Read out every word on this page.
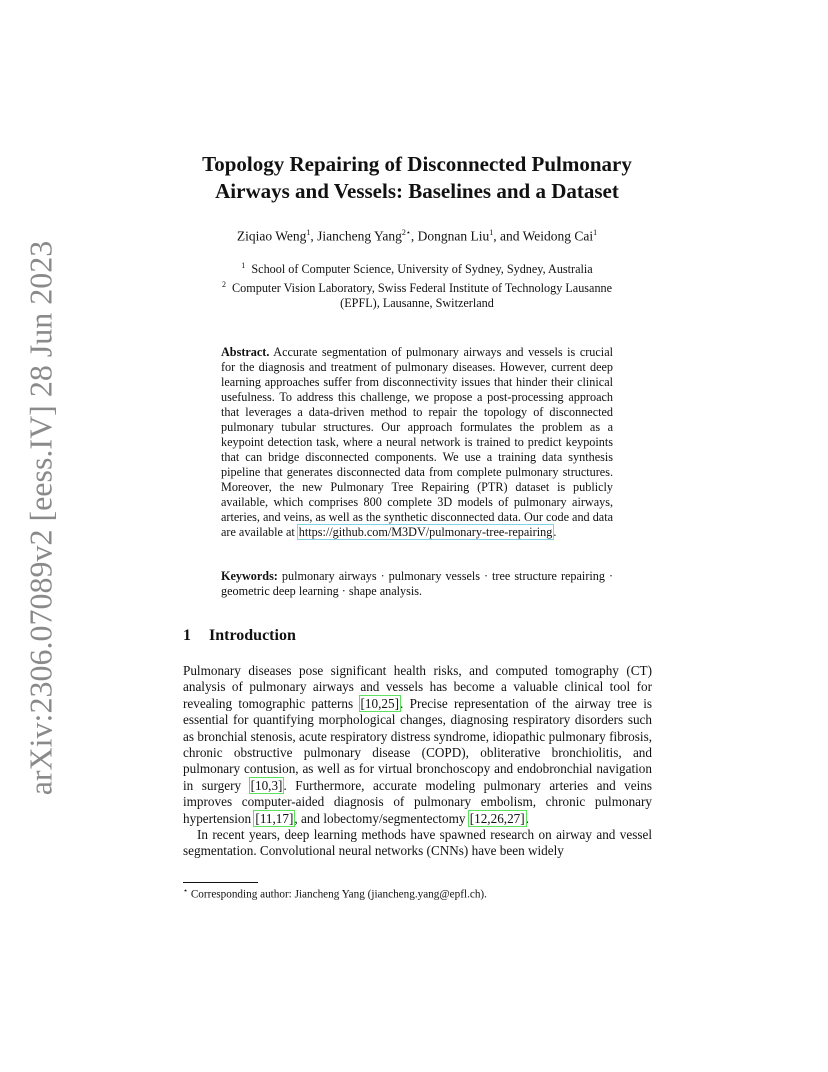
arXiv:2306.07089v2 [eess.IV] 28 Jun 2023
Topology Repairing of Disconnected Pulmonary
Airways and Vessels: Baselines and a Dataset
Ziqiao Weng$^1$, Jiancheng Yang$^{2⋆}$, Dongnan Liu$^1$, and Weidong Cai$^1$
$^1$ School of Computer Science, University of Sydney, Sydney, Australia
$^2$ Computer Vision Laboratory, Swiss Federal Institute of Technology Lausanne
(EPFL), Lausanne, Switzerland
Abstract. Accurate segmentation of pulmonary airways and vessels is crucial for the diagnosis and treatment of pulmonary diseases. However, current deep learning approaches suffer from disconnectivity issues that hinder their clinical usefulness. To address this challenge, we propose a post-processing approach that leverages a data-driven method to repair the topology of disconnected pulmonary tubular structures. Our approach formulates the problem as a keypoint detection task, where a neural network is trained to predict keypoints that can bridge disconnected components. We use a training data synthesis pipeline that generates disconnected data from complete pulmonary structures. Moreover, the new Pulmonary Tree Repairing (PTR) dataset is publicly available, which comprises 800 complete 3D models of pulmonary airways, arteries, and veins, as well as the synthetic disconnected data. Our code and data are available at https://github.com/M3DV/pulmonary-tree-repairing.
Keywords: pulmonary airways · pulmonary vessels · tree structure repairing · geometric deep learning · shape analysis.
1 Introduction

Pulmonary diseases pose significant health risks, and computed tomography (CT) analysis of pulmonary airways and vessels has become a valuable clinical tool for revealing tomographic patterns [10,25]. Precise representation of the airway tree is essential for quantifying morphological changes, diagnosing respiratory disorders such as bronchial stenosis, acute respiratory distress syndrome, idiopathic pulmonary fibrosis, chronic obstructive pulmonary disease (COPD), obliterative bronchiolitis, and pulmonary contusion, as well as for virtual bronchoscopy and endobronchial navigation in surgery [10,3]. Furthermore, accurate modeling pulmonary arteries and veins improves computer-aided diagnosis of pulmonary embolism, chronic pulmonary hypertension [11,17], and lobectomy/segmentectomy [12,26,27].

In recent years, deep learning methods have spawned research on airway and vessel segmentation. Convolutional neural networks (CNNs) have been widely

⋆ Corresponding author: Jiancheng Yang (jiancheng.yang@epfl.ch).
